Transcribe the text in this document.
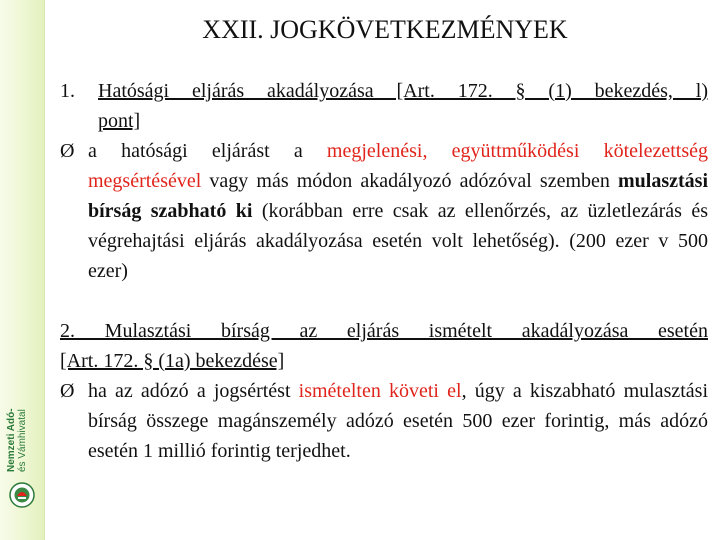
Nemzeti Adó-
és Vámhivatal
XXII. JOGKÖVETKEZMÉNYEK
1. Hatósági eljárás akadályozása [Art. 172. § (1) bekezdés, l)
pont]

Ø a hatósági eljárást a megjelenési, együttműködési kötelezettség megsértésével vagy más módon akadályozó adózóval szemben mulasztási bírság szabható ki (korábban erre csak az ellenőrzés, az üzletlezárás és végrehajtási eljárás akadályozása esetén volt lehetőség). (200 ezer v 500 ezer)

2. Mulasztási bírság az eljárás ismételt akadályozása esetén
[Art. 172. § (1a) bekezdése]

Ø ha az adózó a jogsértést ismételten követi el, úgy a kiszabható mulasztási bírság összege magánszemély adózó esetén 500 ezer forintig, más adózó esetén 1 millió forintig terjedhet.
